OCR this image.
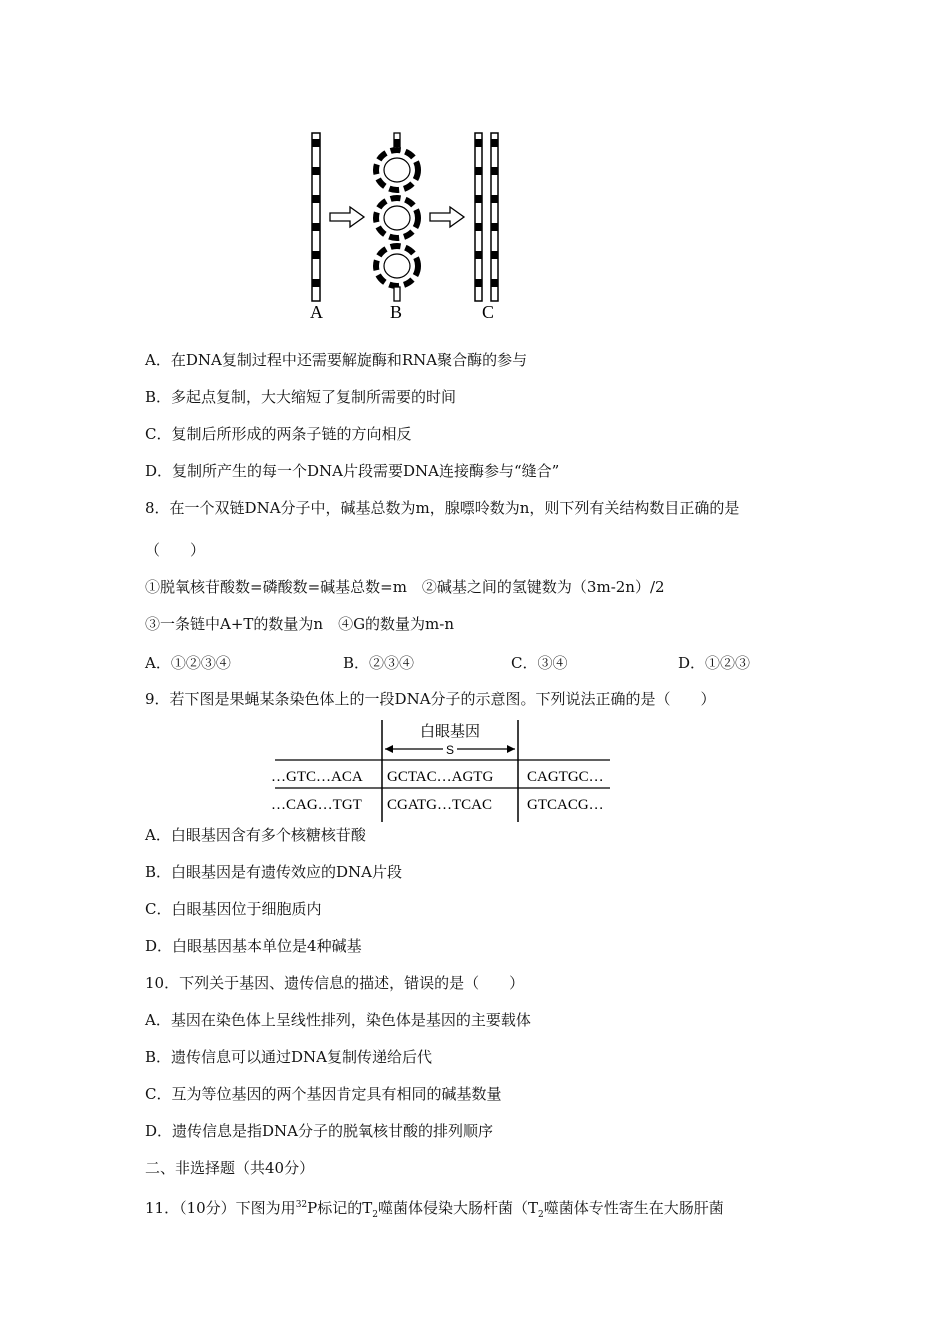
A	B	C
A．在DNA复制过程中还需要解旋酶和RNA聚合酶的参与
B．多起点复制，大大缩短了复制所需要的时间
C．复制后所形成的两条子链的方向相反
D．复制所产生的每一个DNA片段需要DNA连接酶参与“缝合”
8．在一个双链DNA分子中，碱基总数为m，腺嘌呤数为n，则下列有关结构数目正确的是
（　　）
①脱氧核苷酸数=磷酸数=碱基总数=m　②碱基之间的氢键数为（3m-2n）/2
③一条链中A+T的数量为n　④G的数量为m-n
A．①②③④	B．②③④	C．③④	D．①②③
9．若下图是果蝇某条染色体上的一段DNA分子的示意图。下列说法正确的是（　　）
白眼基因
S
…GTC…ACA GCTAC…AGTG CAGTGC…
…CAG…TGT CGATG…TCAC GTCACG…
A．白眼基因含有多个核糖核苷酸
B．白眼基因是有遗传效应的DNA片段
C．白眼基因位于细胞质内
D．白眼基因基本单位是4种碱基
10．下列关于基因、遗传信息的描述，错误的是（　　）
A．基因在染色体上呈线性排列，染色体是基因的主要载体
B．遗传信息可以通过DNA复制传递给后代
C．互为等位基因的两个基因肯定具有相同的碱基数量
D．遗传信息是指DNA分子的脱氧核甘酸的排列顺序
二、非选择题（共40分）
11．（10分）下图为用$^{32}$P标记的$T_2$噬菌体侵染大肠杆菌（$T_2$噬菌体专性寄生在大肠肝菌
